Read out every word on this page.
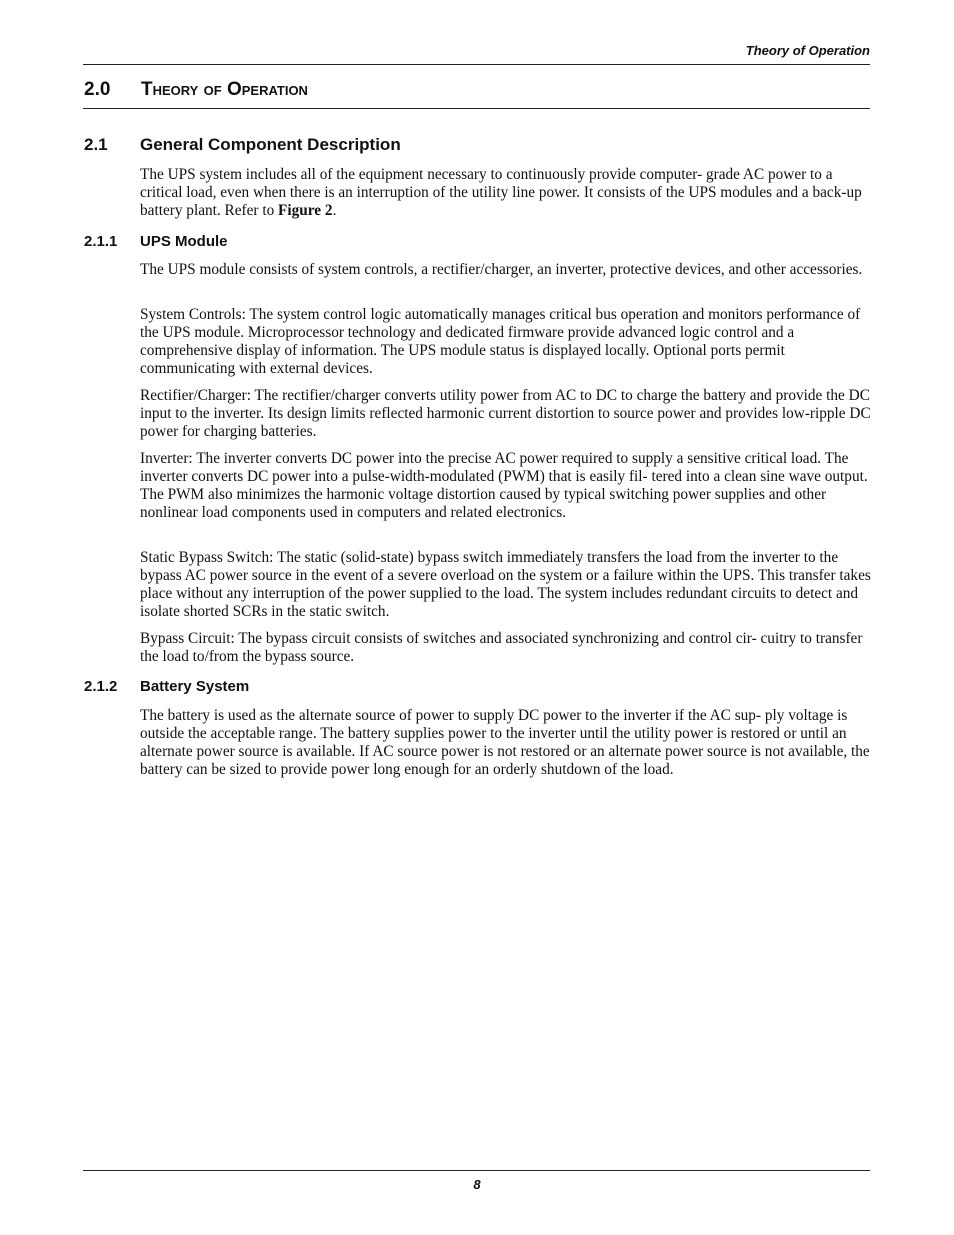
Theory of Operation
2.0 Theory of Operation
2.1 General Component Description

The UPS system includes all of the equipment necessary to continuously provide computer- grade AC power to a critical load, even when there is an interruption of the utility line power. It consists of the UPS modules and a back-up battery plant. Refer to Figure 2.

2.1.1 UPS Module

The UPS module consists of system controls, a rectifier/charger, an inverter, protective devices, and other accessories.

System Controls: The system control logic automatically manages critical bus operation and monitors performance of the UPS module. Microprocessor technology and dedicated firmware provide advanced logic control and a comprehensive display of information. The UPS module status is displayed locally. Optional ports permit communicating with external devices.

Rectifier/Charger: The rectifier/charger converts utility power from AC to DC to charge the battery and provide the DC input to the inverter. Its design limits reflected harmonic current distortion to source power and provides low-ripple DC power for charging batteries.

Inverter: The inverter converts DC power into the precise AC power required to supply a sensitive critical load. The inverter converts DC power into a pulse-width-modulated (PWM) that is easily fil- tered into a clean sine wave output. The PWM also minimizes the harmonic voltage distortion caused by typical switching power supplies and other nonlinear load components used in computers and related electronics.

Static Bypass Switch: The static (solid-state) bypass switch immediately transfers the load from the inverter to the bypass AC power source in the event of a severe overload on the system or a failure within the UPS. This transfer takes place without any interruption of the power supplied to the load. The system includes redundant circuits to detect and isolate shorted SCRs in the static switch.

Bypass Circuit: The bypass circuit consists of switches and associated synchronizing and control cir- cuitry to transfer the load to/from the bypass source.

2.1.2 Battery System

The battery is used as the alternate source of power to supply DC power to the inverter if the AC sup- ply voltage is outside the acceptable range. The battery supplies power to the inverter until the utility power is restored or until an alternate power source is available. If AC source power is not restored or an alternate power source is not available, the battery can be sized to provide power long enough for an orderly shutdown of the load.

8
